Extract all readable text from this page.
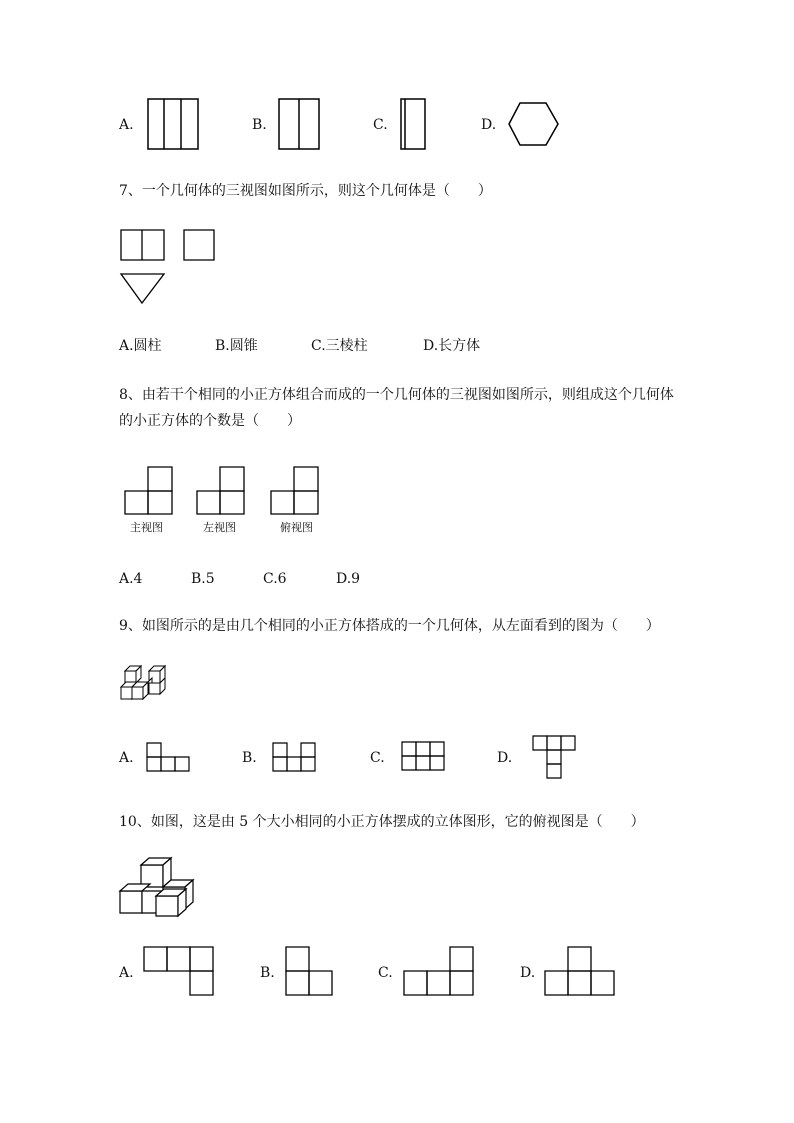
A.	B.	C.	D.
7、一个几何体的三视图如图所示，则这个几何体是（　　）
A.圆柱	B.圆锥	C.三棱柱	D.长方体
8、由若干个相同的小正方体组合而成的一个几何体的三视图如图所示，则组成这个几何体
的小正方体的个数是（　　）
主视图	左视图	俯视图
A.4	B.5	C.6	D.9
9、如图所示的是由几个相同的小正方体搭成的一个几何体，从左面看到的图为（　　）
A.	B.	C.	D.
10、如图，这是由 5 个大小相同的小正方体摆成的立体图形，它的俯视图是（　　）
A.	B.	C.	D.
